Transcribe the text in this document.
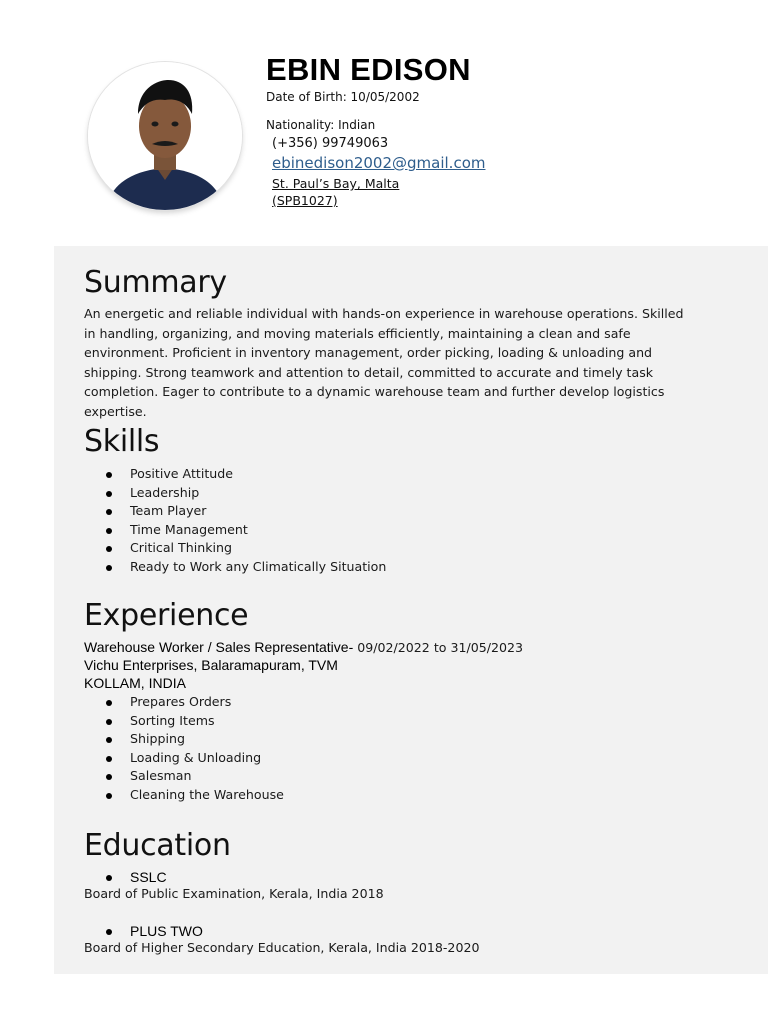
EBIN EDISON
Date of Birth: 10/05/2002
Nationality: Indian
(+356) 99749063
ebinedison2002@gmail.com
St. Paul’s Bay, Malta
(SPB1027)
Summary

An energetic and reliable individual with hands-on experience in warehouse operations. Skilled in handling, organizing, and moving materials efficiently, maintaining a clean and safe environment. Proficient in inventory management, order picking, loading & unloading and shipping. Strong teamwork and attention to detail, committed to accurate and timely task completion. Eager to contribute to a dynamic warehouse team and further develop logistics expertise.

Skills
Positive Attitude
Leadership
Team Player
Time Management
Critical Thinking
Ready to Work any Climatically Situation
Experience
Warehouse Worker / Sales Representative- 09/02/2022 to 31/05/2023
Vichu Enterprises, Balaramapuram, TVM
KOLLAM, INDIA
Prepares Orders
Sorting Items
Shipping
Loading & Unloading
Salesman
Cleaning the Warehouse
Education
SSLC
Board of Public Examination, Kerala, India 2018
PLUS TWO
Board of Higher Secondary Education, Kerala, India 2018-2020
